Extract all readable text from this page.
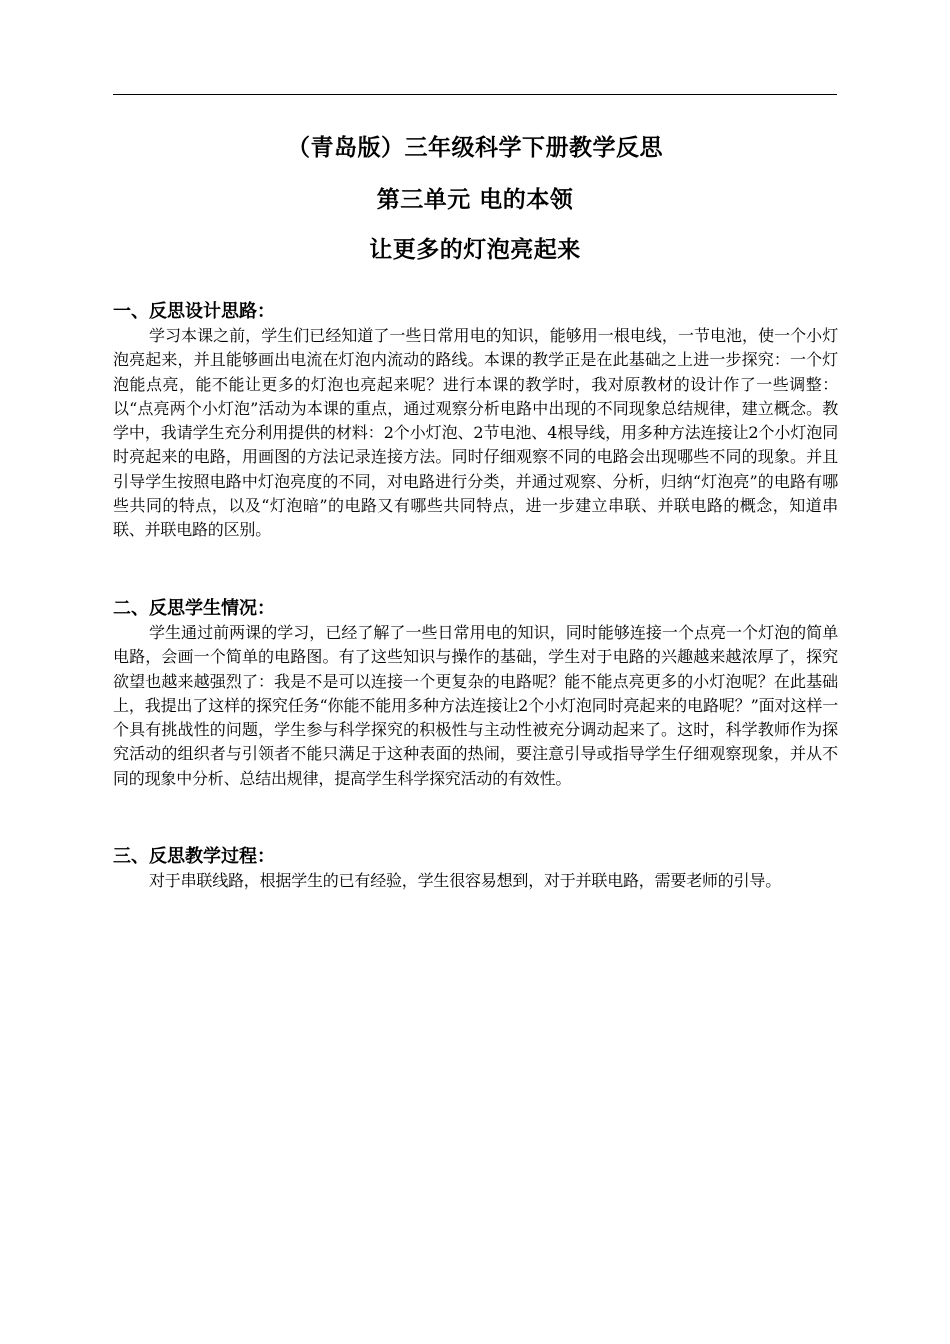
（青岛版）三年级科学下册教学反思
第三单元 电的本领
让更多的灯泡亮起来

一、反思设计思路：

学习本课之前，学生们已经知道了一些日常用电的知识，能够用一根电线，一节电池，使一个小灯泡亮起来，并且能够画出电流在灯泡内流动的路线。本课的教学正是在此基础之上进一步探究：一个灯泡能点亮，能不能让更多的灯泡也亮起来呢？进行本课的教学时，我对原教材的设计作了一些调整：以“点亮两个小灯泡”活动为本课的重点，通过观察分析电路中出现的不同现象总结规律，建立概念。教学中，我请学生充分利用提供的材料：2个小灯泡、2节电池、4根导线，用多种方法连接让2个小灯泡同时亮起来的电路，用画图的方法记录连接方法。同时仔细观察不同的电路会出现哪些不同的现象。并且引导学生按照电路中灯泡亮度的不同，对电路进行分类，并通过观察、分析，归纳“灯泡亮”的电路有哪些共同的特点，以及“灯泡暗”的电路又有哪些共同特点，进一步建立串联、并联电路的概念，知道串联、并联电路的区别。

二、反思学生情况：

学生通过前两课的学习，已经了解了一些日常用电的知识，同时能够连接一个点亮一个灯泡的简单电路，会画一个简单的电路图。有了这些知识与操作的基础，学生对于电路的兴趣越来越浓厚了，探究欲望也越来越强烈了：我是不是可以连接一个更复杂的电路呢？能不能点亮更多的小灯泡呢？在此基础上，我提出了这样的探究任务“你能不能用多种方法连接让2个小灯泡同时亮起来的电路呢？”面对这样一个具有挑战性的问题，学生参与科学探究的积极性与主动性被充分调动起来了。这时，科学教师作为探究活动的组织者与引领者不能只满足于这种表面的热闹，要注意引导或指导学生仔细观察现象，并从不同的现象中分析、总结出规律，提高学生科学探究活动的有效性。

三、反思教学过程：

对于串联线路，根据学生的已有经验，学生很容易想到，对于并联电路，需要老师的引导。
